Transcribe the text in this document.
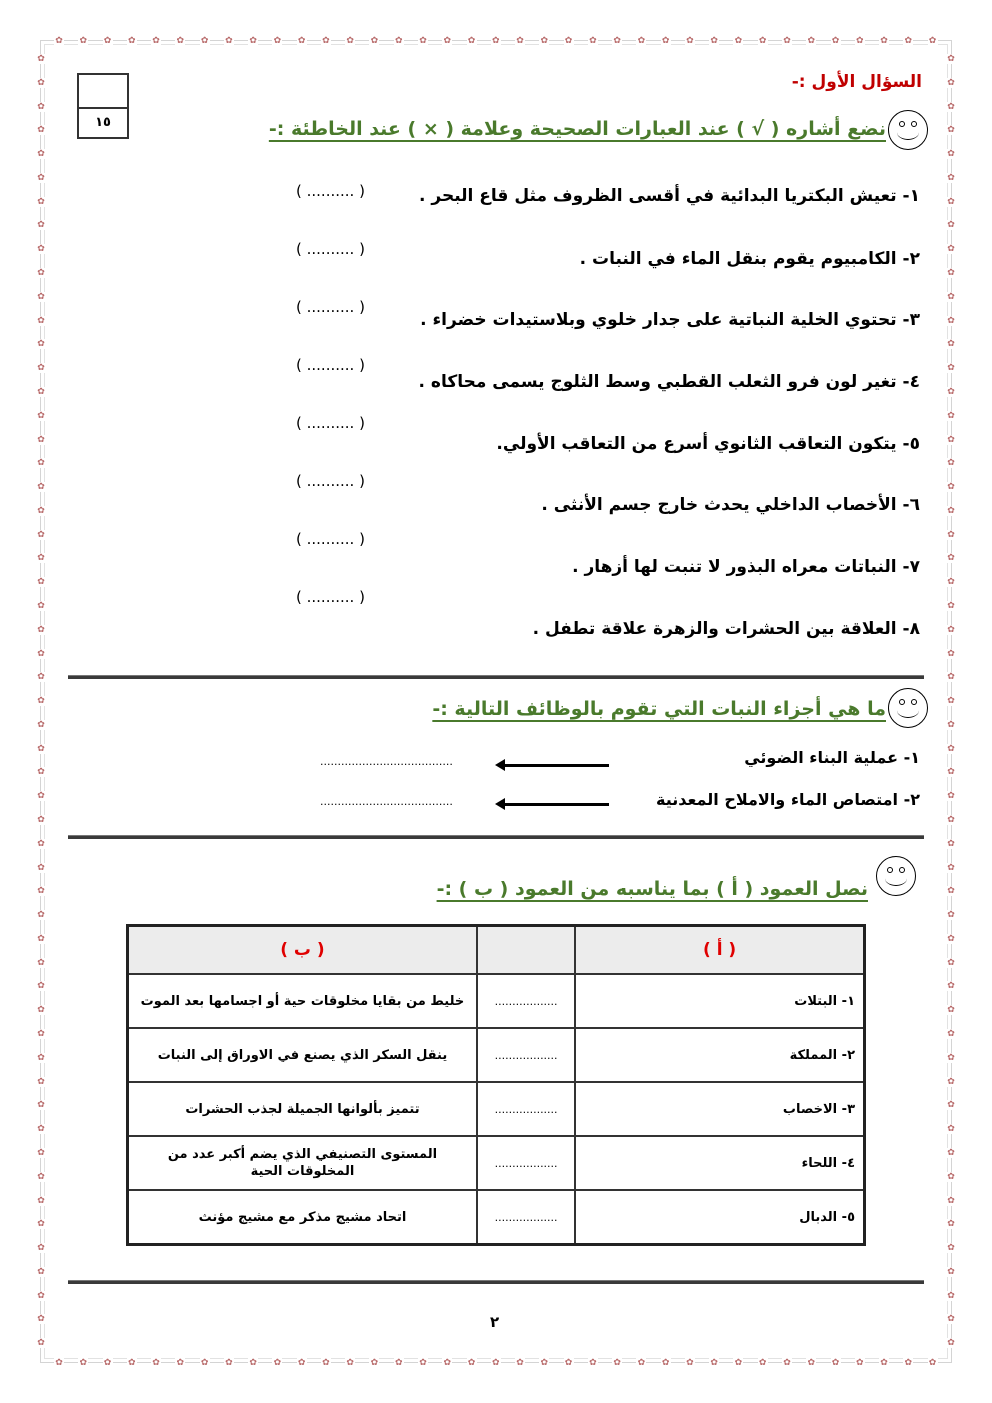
✿ ✿ ✿ ✿ ✿ ✿ ✿ ✿ ✿ ✿ ✿ ✿ ✿ ✿ ✿ ✿ ✿ ✿ ✿ ✿ ✿ ✿ ✿ ✿ ✿ ✿ ✿ ✿ ✿ ✿ ✿ ✿ ✿ ✿ ✿ ✿ ✿
✿ ✿ ✿ ✿ ✿ ✿ ✿ ✿ ✿ ✿ ✿ ✿ ✿ ✿ ✿ ✿ ✿ ✿ ✿ ✿ ✿ ✿ ✿ ✿ ✿ ✿ ✿ ✿ ✿ ✿ ✿ ✿ ✿ ✿ ✿ ✿ ✿
✿
✿
✿
✿
✿
✿
✿
✿
✿
✿
✿
✿
✿
✿
✿
✿
✿
✿
✿
✿
✿
✿
✿
✿
✿
✿
✿
✿
✿
✿
✿
✿
✿
✿
✿
✿
✿
✿
✿
✿
✿
✿
✿
✿
✿
✿
✿
✿
✿
✿
✿
✿
✿
✿
✿
✿
✿
✿
✿
✿
✿
✿
✿
✿
✿
✿
✿
✿
✿
✿
✿
✿
✿
✿
✿
✿
✿
✿
✿
✿
✿
✿
✿
✿
✿
✿
✿
✿
✿
✿
✿
✿
✿
✿
✿
✿
✿
✿
✿
✿
✿
✿
✿
✿
✿
✿
✿
✿
✿
✿
السؤال الأول :-
١٥	نضع أشاره ( √ ) عند العبارات الصحيحة وعلامة ( × ) عند الخاطئة :-
١- تعيش البكتريا البدائية في أقسى الظروف مثل قاع البحر .
( .......... )
٢- الكامبيوم يقوم بنقل الماء في النبات .
( .......... )
٣- تحتوي الخلية النباتية على جدار خلوي وبلاستيدات خضراء .
( .......... )
٤- تغير لون فرو الثعلب القطبي وسط الثلوج يسمى محاكاه .
( .......... )
٥- يتكون التعاقب الثانوي أسرع من التعاقب الأولي.
( .......... )
٦- الأخصاب الداخلي يحدث خارج جسم الأنثى .
( .......... )
٧- النباتات معراه البذور لا تنبت لها أزهار .
( .......... )
٨- العلاقة بين الحشرات والزهرة علاقة تطفل .
( .......... )
ما هي أجزاء النبات التي تقوم بالوظائف التالية :-
١- عملية البناء الضوئي
......................................
٢- امتصاص الماء والاملاح المعدنية
......................................
نصل العمود ( أ ) بما يناسبه من العمود ( ب ) :-
( أ )		( ب )
١- البتلات	..................	خليط من بقايا مخلوقات حية أو اجسامها بعد الموت
٢- المملكة	..................	ينقل السكر الذي يصنع في الاوراق إلى النبات
٣- الاخصاب	..................	تتميز بألوانها الجميلة لجذب الحشرات
٤- اللحاء	..................	المستوى التصنيفي الذي يضم أكبر عدد من المخلوقات الحية
٥- الدبال	..................	اتحاد مشيج مذكر مع مشيج مؤنث
٢
